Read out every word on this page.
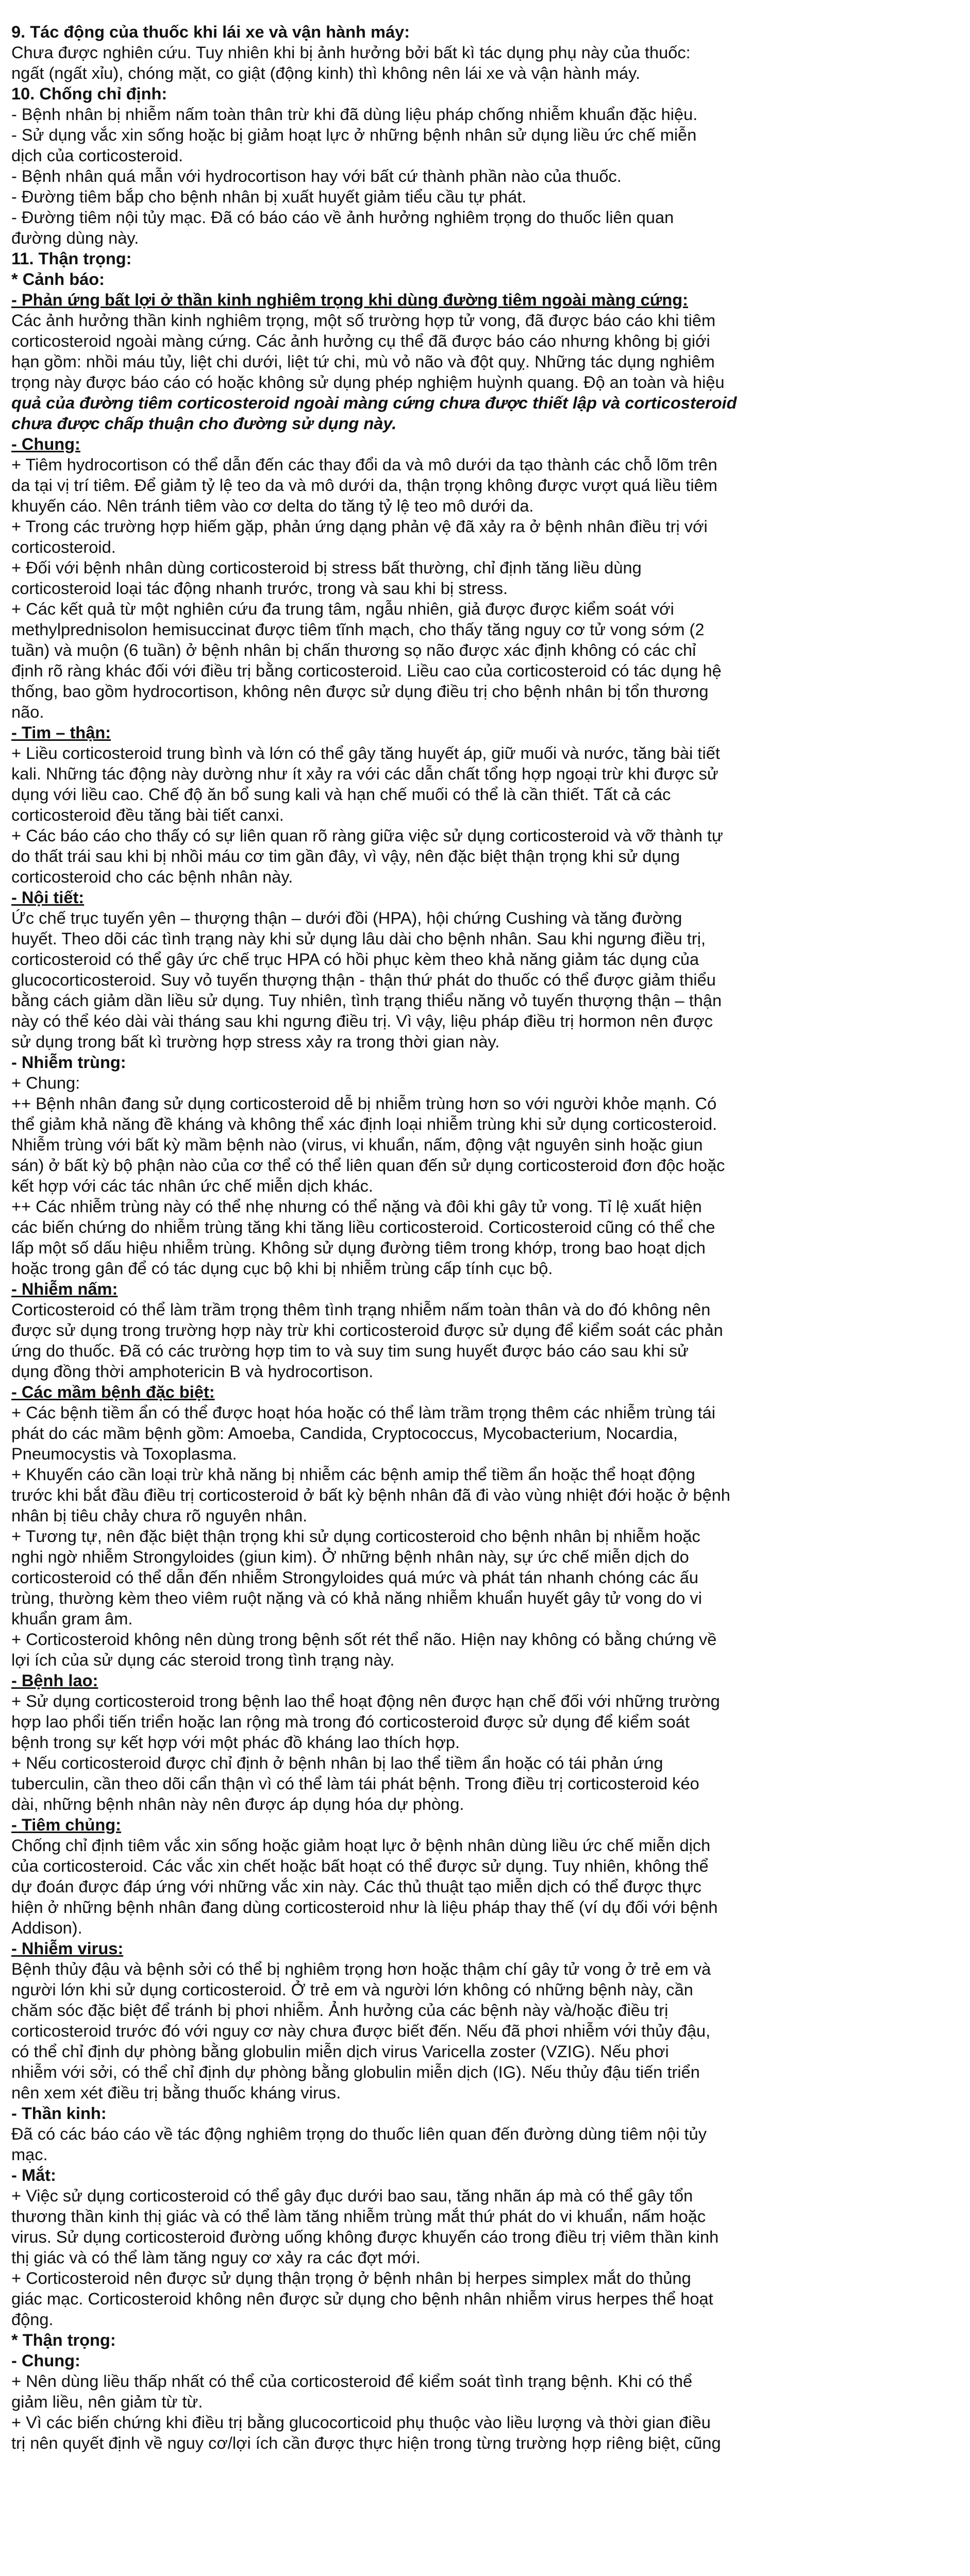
9. Tác động của thuốc khi lái xe và vận hành máy:
Chưa được nghiên cứu. Tuy nhiên khi bị ảnh hưởng bởi bất kì tác dụng phụ này của thuốc:
ngất (ngất xỉu), chóng mặt, co giật (động kinh) thì không nên lái xe và vận hành máy.
10. Chống chỉ định:
- Bệnh nhân bị nhiễm nấm toàn thân trừ khi đã dùng liệu pháp chống nhiễm khuẩn đặc hiệu.
- Sử dụng vắc xin sống hoặc bị giảm hoạt lực ở những bệnh nhân sử dụng liều ức chế miễn
dịch của corticosteroid.
- Bệnh nhân quá mẫn với hydrocortison hay với bất cứ thành phần nào của thuốc.
- Đường tiêm bắp cho bệnh nhân bị xuất huyết giảm tiểu cầu tự phát.
- Đường tiêm nội tủy mạc. Đã có báo cáo về ảnh hưởng nghiêm trọng do thuốc liên quan
đường dùng này.
11. Thận trọng:
* Cảnh báo:
- Phản ứng bất lợi ở thần kinh nghiêm trọng khi dùng đường tiêm ngoài màng cứng:
Các ảnh hưởng thần kinh nghiêm trọng, một số trường hợp tử vong, đã được báo cáo khi tiêm
corticosteroid ngoài màng cứng. Các ảnh hưởng cụ thể đã được báo cáo nhưng không bị giới
hạn gồm: nhồi máu tủy, liệt chi dưới, liệt tứ chi, mù vỏ não và đột quỵ. Những tác dụng nghiêm
trọng này được báo cáo có hoặc không sử dụng phép nghiệm huỳnh quang. Độ an toàn và hiệu
quả của đường tiêm corticosteroid ngoài màng cứng chưa được thiết lập và corticosteroid
chưa được chấp thuận cho đường sử dụng này.
- Chung:
+ Tiêm hydrocortison có thể dẫn đến các thay đổi da và mô dưới da tạo thành các chỗ lõm trên
da tại vị trí tiêm. Để giảm tỷ lệ teo da và mô dưới da, thận trọng không được vượt quá liều tiêm
khuyến cáo. Nên tránh tiêm vào cơ delta do tăng tỷ lệ teo mô dưới da.
+ Trong các trường hợp hiếm gặp, phản ứng dạng phản vệ đã xảy ra ở bệnh nhân điều trị với
corticosteroid.
+ Đối với bệnh nhân dùng corticosteroid bị stress bất thường, chỉ định tăng liều dùng
corticosteroid loại tác động nhanh trước, trong và sau khi bị stress.
+ Các kết quả từ một nghiên cứu đa trung tâm, ngẫu nhiên, giả được được kiểm soát với
methylprednisolon hemisuccinat được tiêm tĩnh mạch, cho thấy tăng nguy cơ tử vong sớm (2
tuần) và muộn (6 tuần) ở bệnh nhân bị chấn thương sọ não được xác định không có các chỉ
định rõ ràng khác đối với điều trị bằng corticosteroid. Liều cao của corticosteroid có tác dụng hệ
thống, bao gồm hydrocortison, không nên được sử dụng điều trị cho bệnh nhân bị tổn thương
não.
- Tim – thận:
+ Liều corticosteroid trung bình và lớn có thể gây tăng huyết áp, giữ muối và nước, tăng bài tiết
kali. Những tác động này dường như ít xảy ra với các dẫn chất tổng hợp ngoại trừ khi được sử
dụng với liều cao. Chế độ ăn bổ sung kali và hạn chế muối có thể là cần thiết. Tất cả các
corticosteroid đều tăng bài tiết canxi.
+ Các báo cáo cho thấy có sự liên quan rõ ràng giữa việc sử dụng corticosteroid và vỡ thành tự
do thất trái sau khi bị nhồi máu cơ tim gần đây, vì vậy, nên đặc biệt thận trọng khi sử dụng
corticosteroid cho các bệnh nhân này.
- Nội tiết:
Ức chế trục tuyến yên – thượng thận – dưới đồi (HPA), hội chứng Cushing và tăng đường
huyết. Theo dõi các tình trạng này khi sử dụng lâu dài cho bệnh nhân. Sau khi ngưng điều trị,
corticosteroid có thể gây ức chế trục HPA có hồi phục kèm theo khả năng giảm tác dụng của
glucocorticosteroid. Suy vỏ tuyến thượng thận - thận thứ phát do thuốc có thể được giảm thiểu
bằng cách giảm dần liều sử dụng. Tuy nhiên, tình trạng thiểu năng vỏ tuyến thượng thận – thận
này có thể kéo dài vài tháng sau khi ngưng điều trị. Vì vậy, liệu pháp điều trị hormon nên được
sử dụng trong bất kì trường hợp stress xảy ra trong thời gian này.
- Nhiễm trùng:
+ Chung:
++ Bệnh nhân đang sử dụng corticosteroid dễ bị nhiễm trùng hơn so với người khỏe mạnh. Có
thể giảm khả năng đề kháng và không thể xác định loại nhiễm trùng khi sử dụng corticosteroid.
Nhiễm trùng với bất kỳ mầm bệnh nào (virus, vi khuẩn, nấm, động vật nguyên sinh hoặc giun
sán) ở bất kỳ bộ phận nào của cơ thể có thể liên quan đến sử dụng corticosteroid đơn độc hoặc
kết hợp với các tác nhân ức chế miễn dịch khác.
++ Các nhiễm trùng này có thể nhẹ nhưng có thể nặng và đôi khi gây tử vong. Tỉ lệ xuất hiện
các biến chứng do nhiễm trùng tăng khi tăng liều corticosteroid. Corticosteroid cũng có thể che
lấp một số dấu hiệu nhiễm trùng. Không sử dụng đường tiêm trong khớp, trong bao hoạt dịch
hoặc trong gân để có tác dụng cục bộ khi bị nhiễm trùng cấp tính cục bộ.
- Nhiễm nấm:
Corticosteroid có thể làm trầm trọng thêm tình trạng nhiễm nấm toàn thân và do đó không nên
được sử dụng trong trường hợp này trừ khi corticosteroid được sử dụng để kiểm soát các phản
ứng do thuốc. Đã có các trường hợp tim to và suy tim sung huyết được báo cáo sau khi sử
dụng đồng thời amphotericin B và hydrocortison.
- Các mầm bệnh đặc biệt:
+ Các bệnh tiềm ẩn có thể được hoạt hóa hoặc có thể làm trầm trọng thêm các nhiễm trùng tái
phát do các mầm bệnh gồm: Amoeba, Candida, Cryptococcus, Mycobacterium, Nocardia,
Pneumocystis và Toxoplasma.
+ Khuyến cáo cần loại trừ khả năng bị nhiễm các bệnh amip thể tiềm ẩn hoặc thể hoạt động
trước khi bắt đầu điều trị corticosteroid ở bất kỳ bệnh nhân đã đi vào vùng nhiệt đới hoặc ở bệnh
nhân bị tiêu chảy chưa rõ nguyên nhân.
+ Tương tự, nên đặc biệt thận trọng khi sử dụng corticosteroid cho bệnh nhân bị nhiễm hoặc
nghi ngờ nhiễm Strongyloides (giun kim). Ở những bệnh nhân này, sự ức chế miễn dịch do
corticosteroid có thể dẫn đến nhiễm Strongyloides quá mức và phát tán nhanh chóng các ấu
trùng, thường kèm theo viêm ruột nặng và có khả năng nhiễm khuẩn huyết gây tử vong do vi
khuẩn gram âm.
+ Corticosteroid không nên dùng trong bệnh sốt rét thể não. Hiện nay không có bằng chứng về
lợi ích của sử dụng các steroid trong tình trạng này.
- Bệnh lao:
+ Sử dụng corticosteroid trong bệnh lao thể hoạt động nên được hạn chế đối với những trường
hợp lao phổi tiến triển hoặc lan rộng mà trong đó corticosteroid được sử dụng để kiểm soát
bệnh trong sự kết hợp với một phác đồ kháng lao thích hợp.
+ Nếu corticosteroid được chỉ định ở bệnh nhân bị lao thể tiềm ẩn hoặc có tái phản ứng
tuberculin, cần theo dõi cẩn thận vì có thể làm tái phát bệnh. Trong điều trị corticosteroid kéo
dài, những bệnh nhân này nên được áp dụng hóa dự phòng.
- Tiêm chủng:
Chống chỉ định tiêm vắc xin sống hoặc giảm hoạt lực ở bệnh nhân dùng liều ức chế miễn dịch
của corticosteroid. Các vắc xin chết hoặc bất hoạt có thể được sử dụng. Tuy nhiên, không thể
dự đoán được đáp ứng với những vắc xin này. Các thủ thuật tạo miễn dịch có thể được thực
hiện ở những bệnh nhân đang dùng corticosteroid như là liệu pháp thay thế (ví dụ đối với bệnh
Addison).
- Nhiễm virus:
Bệnh thủy đậu và bệnh sởi có thể bị nghiêm trọng hơn hoặc thậm chí gây tử vong ở trẻ em và
người lớn khi sử dụng corticosteroid. Ở trẻ em và người lớn không có những bệnh này, cần
chăm sóc đặc biệt để tránh bị phơi nhiễm. Ảnh hưởng của các bệnh này và/hoặc điều trị
corticosteroid trước đó với nguy cơ này chưa được biết đến. Nếu đã phơi nhiễm với thủy đậu,
có thể chỉ định dự phòng bằng globulin miễn dịch virus Varicella zoster (VZIG). Nếu phơi
nhiễm với sởi, có thể chỉ định dự phòng bằng globulin miễn dịch (IG). Nếu thủy đậu tiến triển
nên xem xét điều trị bằng thuốc kháng virus.
- Thần kinh:
Đã có các báo cáo về tác động nghiêm trọng do thuốc liên quan đến đường dùng tiêm nội tủy
mạc.
- Mắt:
+ Việc sử dụng corticosteroid có thể gây đục dưới bao sau, tăng nhãn áp mà có thể gây tổn
thương thần kinh thị giác và có thể làm tăng nhiễm trùng mắt thứ phát do vi khuẩn, nấm hoặc
virus. Sử dụng corticosteroid đường uống không được khuyến cáo trong điều trị viêm thần kinh
thị giác và có thể làm tăng nguy cơ xảy ra các đợt mới.
+ Corticosteroid nên được sử dụng thận trọng ở bệnh nhân bị herpes simplex mắt do thủng
giác mạc. Corticosteroid không nên được sử dụng cho bệnh nhân nhiễm virus herpes thể hoạt
động.
* Thận trọng:
- Chung:
+ Nên dùng liều thấp nhất có thể của corticosteroid để kiểm soát tình trạng bệnh. Khi có thể
giảm liều, nên giảm từ từ.
+ Vì các biến chứng khi điều trị bằng glucocorticoid phụ thuộc vào liều lượng và thời gian điều
trị nên quyết định về nguy cơ/lợi ích cần được thực hiện trong từng trường hợp riêng biệt, cũng
